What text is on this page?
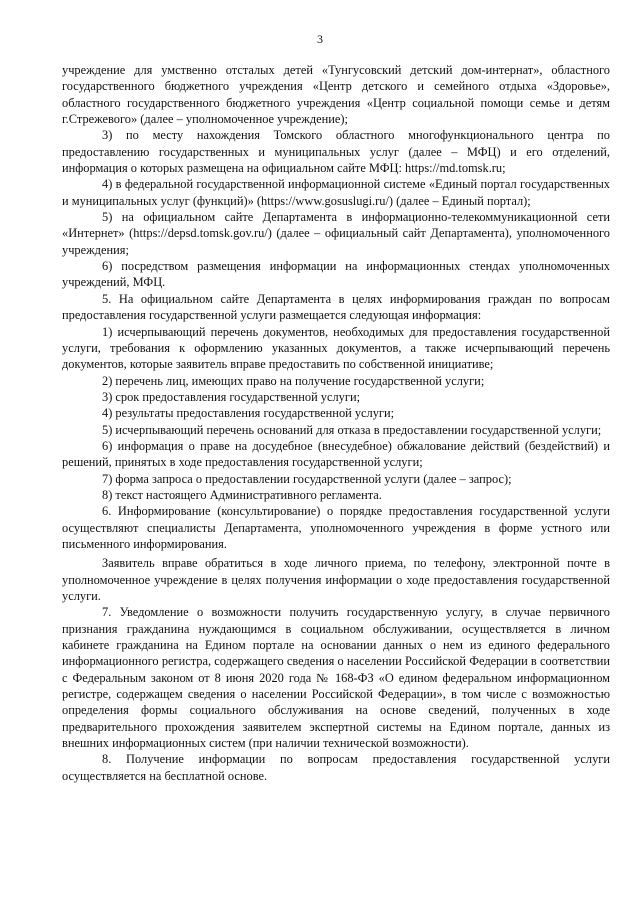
3

учреждение для умственно отсталых детей «Тунгусовский детский дом-интернат», областного государственного бюджетного учреждения «Центр детского и семейного отдыха «Здоровье», областного государственного бюджетного учреждения «Центр социальной помощи семье и детям г.Стрежевого» (далее – уполномоченное учреждение);

3) по месту нахождения Томского областного многофункционального центра по предоставлению государственных и муниципальных услуг (далее – МФЦ) и его отделений, информация о которых размещена на официальном сайте МФЦ: https://md.tomsk.ru;

4) в федеральной государственной информационной системе «Единый портал государственных и муниципальных услуг (функций)» (https://www.gosuslugi.ru/) (далее – Единый портал);

5) на официальном сайте Департамента в информационно-телекоммуникационной сети «Интернет» (https://depsd.tomsk.gov.ru/) (далее – официальный сайт Департамента), уполномоченного учреждения;

6) посредством размещения информации на информационных стендах уполномоченных учреждений, МФЦ.

5. На официальном сайте Департамента в целях информирования граждан по вопросам предоставления государственной услуги размещается следующая информация:

1) исчерпывающий перечень документов, необходимых для предоставления государственной услуги, требования к оформлению указанных документов, а также исчерпывающий перечень документов, которые заявитель вправе предоставить по собственной инициативе;

2) перечень лиц, имеющих право на получение государственной услуги;

3) срок предоставления государственной услуги;

4) результаты предоставления государственной услуги;

5) исчерпывающий перечень оснований для отказа в предоставлении государственной услуги;

6) информация о праве на досудебное (внесудебное) обжалование действий (бездействий) и решений, принятых в ходе предоставления государственной услуги;

7) форма запроса о предоставлении государственной услуги (далее – запрос);

8) текст настоящего Административного регламента.

6. Информирование (консультирование) о порядке предоставления государственной услуги осуществляют специалисты Департамента, уполномоченного учреждения в форме устного или письменного информирования.

Заявитель вправе обратиться в ходе личного приема, по телефону, электронной почте в уполномоченное учреждение в целях получения информации о ходе предоставления государственной услуги.

7. Уведомление о возможности получить государственную услугу, в случае первичного признания гражданина нуждающимся в социальном обслуживании, осуществляется в личном кабинете гражданина на Едином портале на основании данных о нем из единого федерального информационного регистра, содержащего сведения о населении Российской Федерации в соответствии с Федеральным законом от 8 июня 2020 года № 168-ФЗ «О едином федеральном информационном регистре, содержащем сведения о населении Российской Федерации», в том числе с возможностью определения формы социального обслуживания на основе сведений, полученных в ходе предварительного прохождения заявителем экспертной системы на Едином портале, данных из внешних информационных систем (при наличии технической возможности).

8. Получение информации по вопросам предоставления государственной услуги осуществляется на бесплатной основе.
